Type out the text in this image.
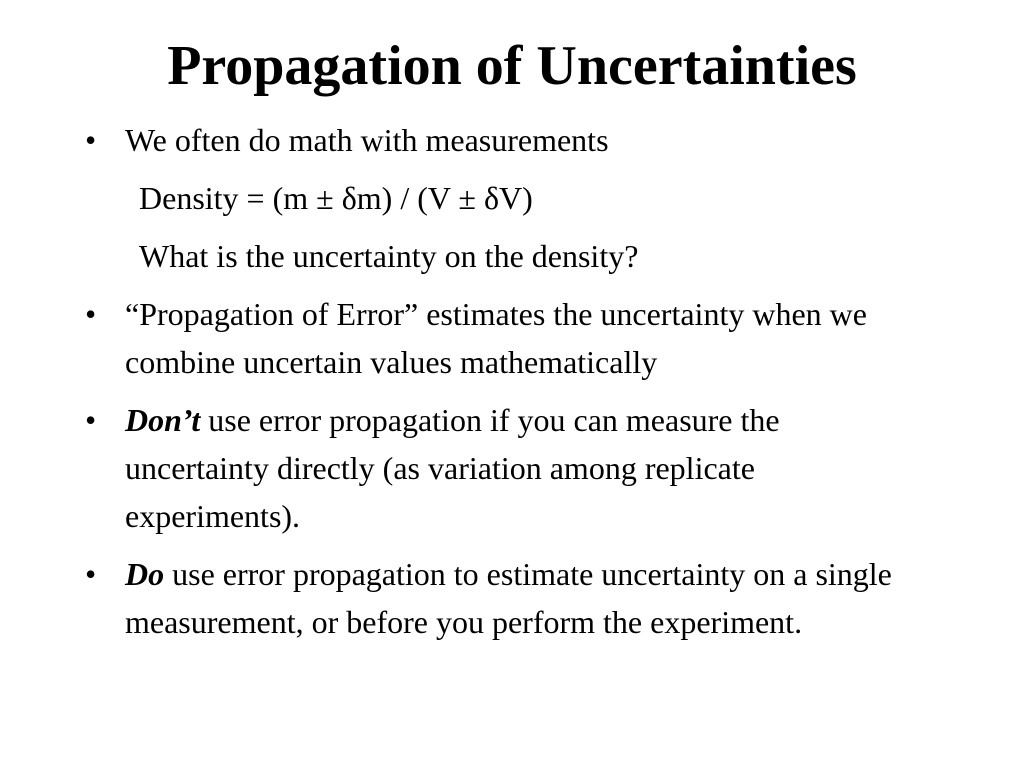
Propagation of Uncertainties
• We often do math with measurements
Density = (m ± δm) / (V ± δV)
What is the uncertainty on the density?
• “Propagation of Error” estimates the uncertainty when we combine uncertain values mathematically
• Don’t use error propagation if you can measure the uncertainty directly (as variation among replicate experiments).
• Do use error propagation to estimate uncertainty on a single measurement, or before you perform the experiment.
